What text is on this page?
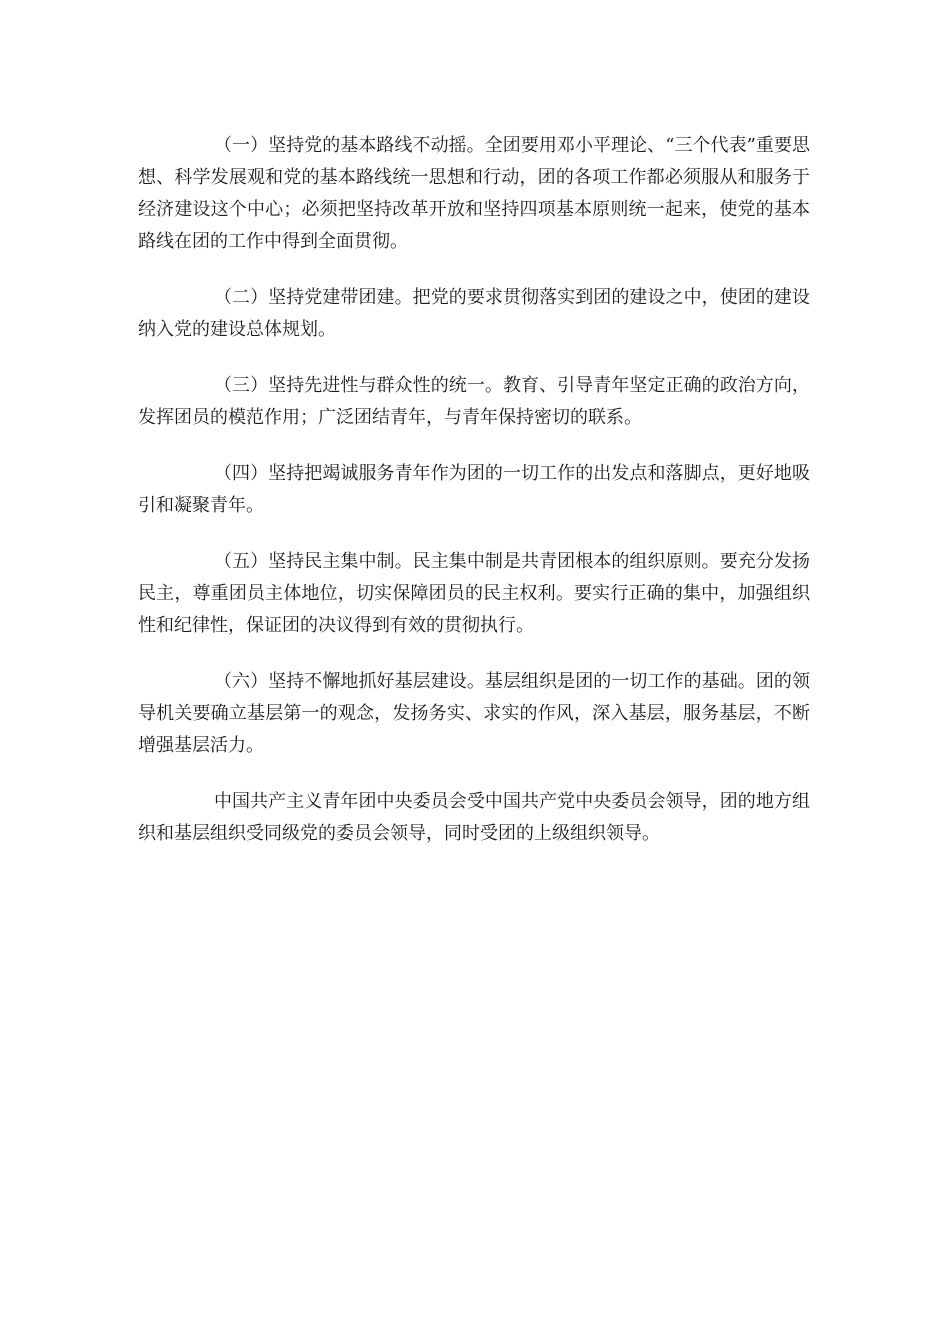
（一）坚持党的基本路线不动摇。全团要用邓小平理论、“三个代表”重要思想、科学发展观和党的基本路线统一思想和行动，团的各项工作都必须服从和服务于经济建设这个中心；必须把坚持改革开放和坚持四项基本原则统一起来，使党的基本路线在团的工作中得到全面贯彻。

（二）坚持党建带团建。把党的要求贯彻落实到团的建设之中，使团的建设纳入党的建设总体规划。

（三）坚持先进性与群众性的统一。教育、引导青年坚定正确的政治方向，发挥团员的模范作用；广泛团结青年，与青年保持密切的联系。

（四）坚持把竭诚服务青年作为团的一切工作的出发点和落脚点，更好地吸引和凝聚青年。

（五）坚持民主集中制。民主集中制是共青团根本的组织原则。要充分发扬民主，尊重团员主体地位，切实保障团员的民主权利。要实行正确的集中，加强组织性和纪律性，保证团的决议得到有效的贯彻执行。

（六）坚持不懈地抓好基层建设。基层组织是团的一切工作的基础。团的领导机关要确立基层第一的观念，发扬务实、求实的作风，深入基层，服务基层，不断增强基层活力。

中国共产主义青年团中央委员会受中国共产党中央委员会领导，团的地方组织和基层组织受同级党的委员会领导，同时受团的上级组织领导。
